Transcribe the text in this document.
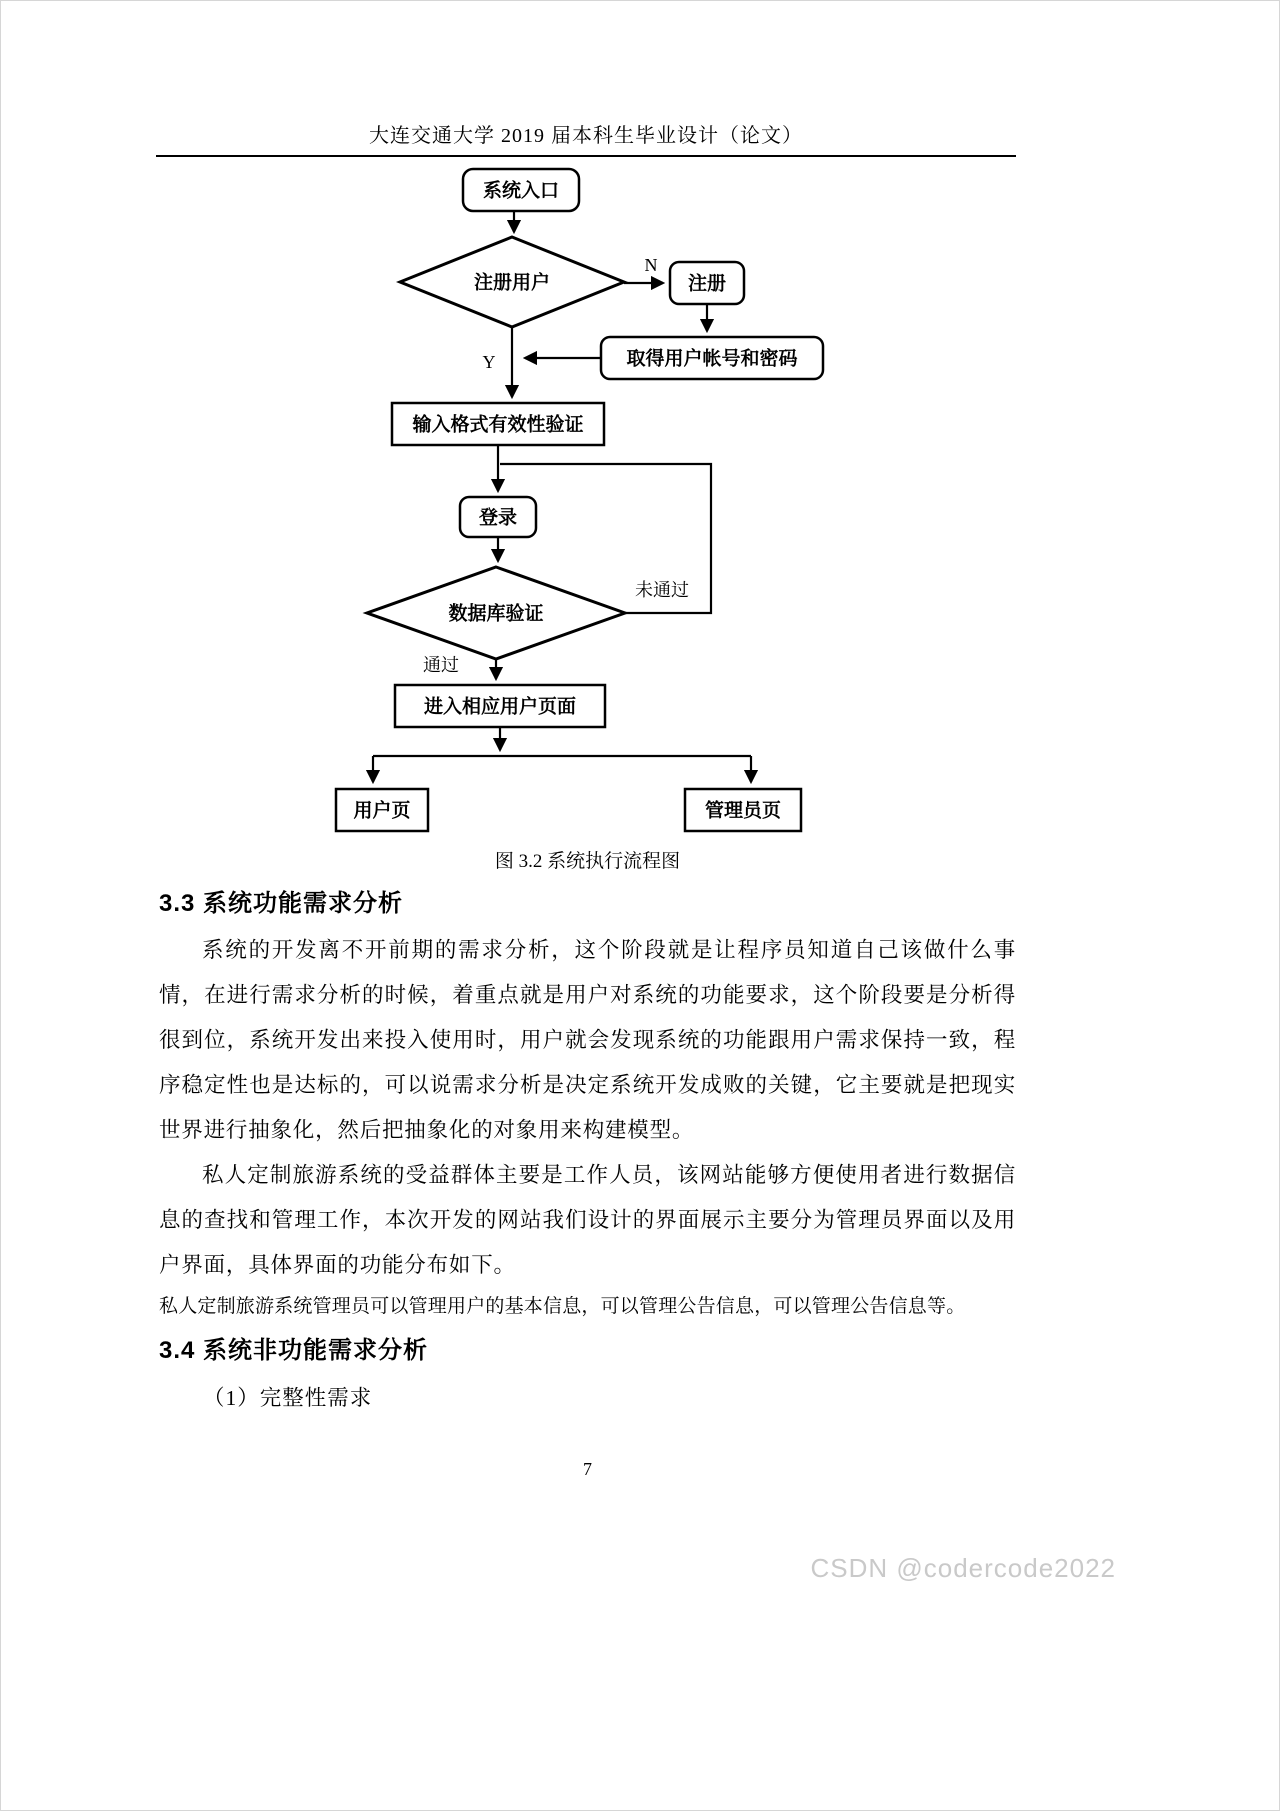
大连交通大学 2019 届本科生毕业设计（论文）
系统入口
注册用户
N
注册
取得用户帐号和密码
Y
输入格式有效性验证
登录
数据库验证
未通过
通过
进入相应用户页面
用户页	管理员页
图 3.2 系统执行流程图
3.3 系统功能需求分析

系统的开发离不开前期的需求分析，这个阶段就是让程序员知道自己该做什么事情，在进行需求分析的时候，着重点就是用户对系统的功能要求，这个阶段要是分析得很到位，系统开发出来投入使用时，用户就会发现系统的功能跟用户需求保持一致，程序稳定性也是达标的，可以说需求分析是决定系统开发成败的关键，它主要就是把现实世界进行抽象化，然后把抽象化的对象用来构建模型。

私人定制旅游系统的受益群体主要是工作人员，该网站能够方便使用者进行数据信息的查找和管理工作，本次开发的网站我们设计的界面展示主要分为管理员界面以及用户界面，具体界面的功能分布如下。

私人定制旅游系统管理员可以管理用户的基本信息，可以管理公告信息，可以管理公告信息等。
3.4 系统非功能需求分析
（1）完整性需求
7
CSDN @codercode2022
